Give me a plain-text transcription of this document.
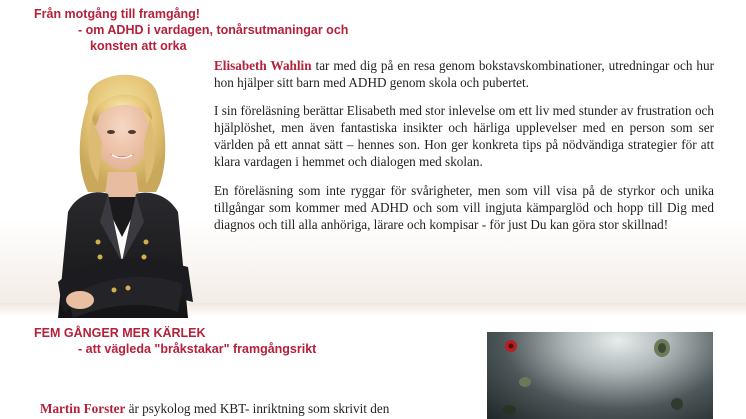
Från motgång till framgång!
- om ADHD i vardagen, tonårsutmaningar och
konsten att orka

Elisabeth Wahlin tar med dig på en resa genom bokstavskombinationer, utredningar och hur hon hjälper sitt barn med ADHD genom skola och pubertet.

I sin föreläsning berättar Elisabeth med stor inlevelse om ett liv med stunder av frustration och hjälplöshet, men även fantastiska insikter och härliga upplevelser med en person som ser världen på ett annat sätt – hennes son. Hon ger konkreta tips på nödvändiga strategier för att klara vardagen i hemmet och dialogen med skolan.

En föreläsning som inte ryggar för svårigheter, men som vill visa på de styrkor och unika tillgångar som kommer med ADHD och som vill ingjuta kämparglöd och hopp till Dig med diagnos och till alla anhöriga, lärare och kompisar - för just Du kan göra stor skillnad!

FEM GÅNGER MER KÄRLEK
- att vägleda "bråkstakar" framgångsrikt
Martin Forster är psykolog med KBT- inriktning som skrivit den
